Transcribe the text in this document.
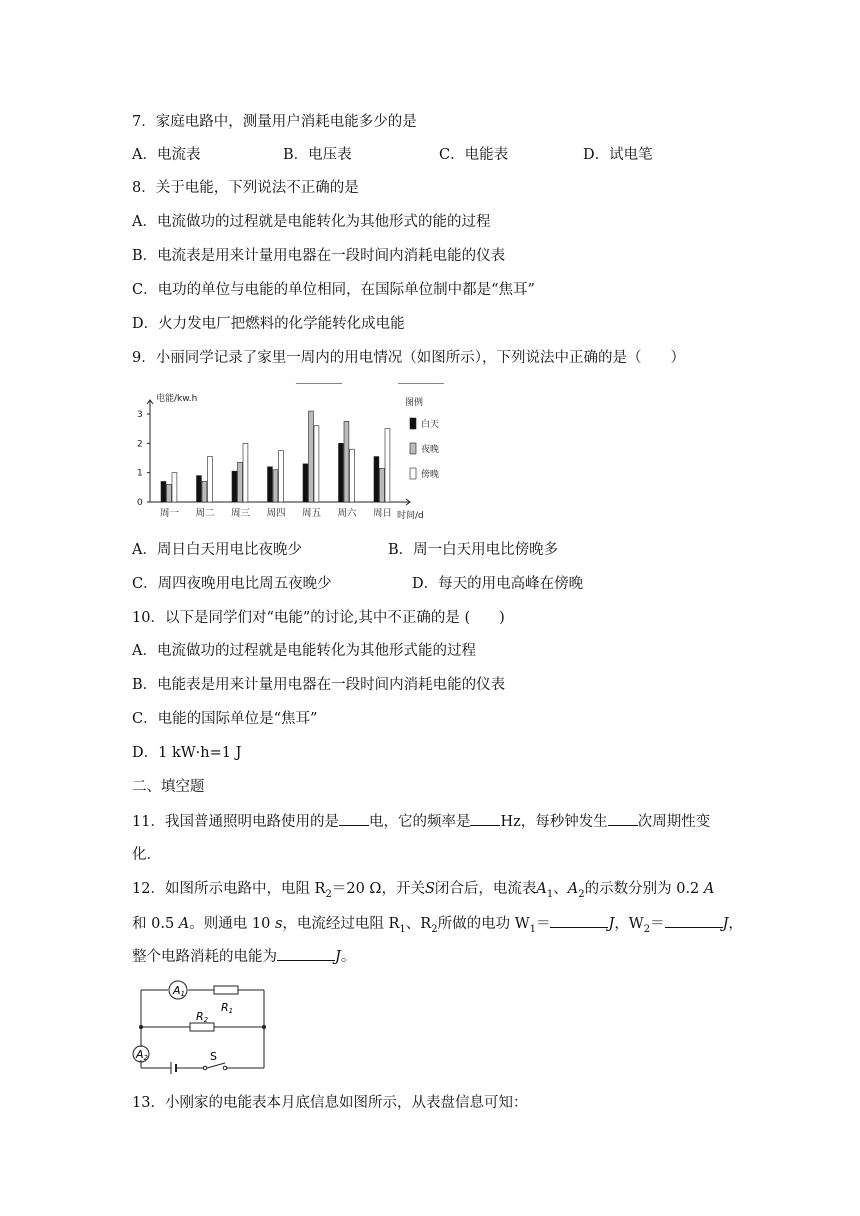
7．家庭电路中，测量用户消耗电能多少的是
A．电流表	B．电压表	C．电能表	D．试电笔
8．关于电能，下列说法不正确的是
A．电流做功的过程就是电能转化为其他形式的能的过程
B．电流表是用来计量用电器在一段时间内消耗电能的仪表
C．电功的单位与电能的单位相同，在国际单位制中都是“焦耳”
D．火力发电厂把燃料的化学能转化成电能
9．小丽同学记录了家里一周内的用电情况（如图所示），下列说法中正确的是（　　）
0
1
2
3
电能/kw.h
时间/d
周一 周二 周三 周四 周五 周六 周日
图例
白天
夜晚
傍晚
A．周日白天用电比夜晚少	B．周一白天用电比傍晚多
C．周四夜晚用电比周五夜晚少	D．每天的用电高峰在傍晚
10．以下是同学们对“电能”的讨论,其中不正确的是 (　　)
A．电流做功的过程就是电能转化为其他形式能的过程
B．电能表是用来计量用电器在一段时间内消耗电能的仪表
C．电能的国际单位是“焦耳”
D．1 kW·h=1 J
二、填空题
11．我国普通照明电路使用的是 电，它的频率是 Hz，每秒钟发生 次周期性变
化．
12．如图所示电路中，电阻 $R_2=20$ Ω，开关S闭合后，电流表$A_1$、$A_2$的示数分别为 0.2 A
和 0.5 A。则通电 10 s，电流经过电阻 $R_1$、$R_2$所做的电功 $W_1=$	J，$W_2=$	J，
整个电路消耗的电能为	J。
A1
R1
R2
A2	S
13．小刚家的电能表本月底信息如图所示，从表盘信息可知：
